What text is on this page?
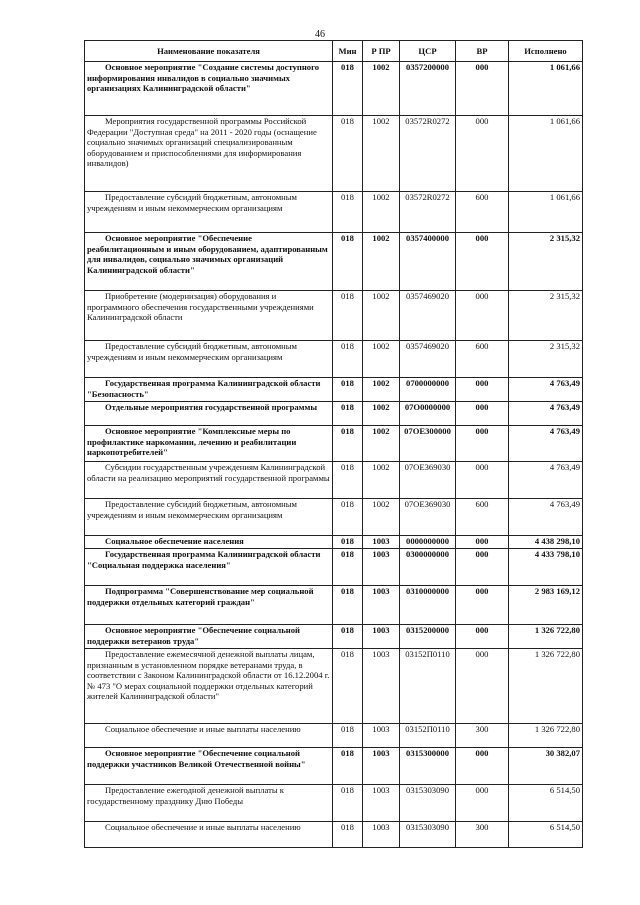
46
Наименование показателя	Мин	Р ПР	ЦСР	ВР	Исполнено

Основное мероприятие "Создание системы доступного информирования инвалидов в социально значимых организациях Калининградской области"	018	1002	0357200000	000	1 061,66

Мероприятия государственной программы Российской Федерации "Доступная среда" на 2011 - 2020 годы (оснащение социально значимых организаций специализированным оборудованием и приспособлениями для информирования инвалидов)	018	1002	03572R0272	000	1 061,66

Предоставление субсидий бюджетным, автономным учреждениям и иным некоммерческим организациям	018	1002	03572R0272	600	1 061,66

Основное мероприятие "Обеспечение реабилитационным и иным оборудованием, адаптированным для инвалидов, социально значимых организаций Калининградской области"	018	1002	0357400000	000	2 315,32

Приобретение (модернизация) оборудования и программного обеспечения государственными учреждениями Калининградской области	018	1002	0357469020	000	2 315,32

Предоставление субсидий бюджетным, автономным учреждениям и иным некоммерческим организациям	018	1002	0357469020	600	2 315,32

Государственная программа Калининградской области "Безопасность"	018	1002	0700000000	000	4 763,49

Отдельные мероприятия государственной программы	018	1002	07O0000000	000	4 763,49

Основное мероприятие "Комплексные меры по профилактике наркомании, лечению и реабилитации наркопотребителей"	018	1002	07OE300000	000	4 763,49

Субсидии государственным учреждениям Калининградской области на реализацию мероприятий государственной программы	018	1002	07OE369030	000	4 763,49

Предоставление субсидий бюджетным, автономным учреждениям и иным некоммерческим организациям	018	1002	07OE369030	600	4 763,49

Социальное обеспечение населения	018	1003	0000000000	000	4 438 298,10

Государственная программа Калининградской области "Социальная поддержка населения"	018	1003	0300000000	000	4 433 798,10

Подпрограмма "Совершенствование мер социальной поддержки отдельных категорий граждан"	018	1003	0310000000	000	2 983 169,12

Основное мероприятие "Обеспечение социальной поддержки ветеранов труда"	018	1003	0315200000	000	1 326 722,80

Предоставление ежемесячной денежной выплаты лицам, признанным в установленном порядке ветеранами труда, в соответствии с Законом Калининградской области от 16.12.2004 г. № 473 "О мерах социальной поддержки отдельных категорий жителей Калининградской области"	018	1003	03152П0110	000	1 326 722,80

Социальное обеспечение и иные выплаты населению	018	1003	03152П0110	300	1 326 722,80

Основное мероприятие "Обеспечение социальной поддержки участников Великой Отечественной войны"	018	1003	0315300000	000	30 382,07

Предоставление ежегодной денежной выплаты к государственному празднику Дню Победы	018	1003	0315303090	000	6 514,50

Социальное обеспечение и иные выплаты населению	018	1003	0315303090	300	6 514,50
